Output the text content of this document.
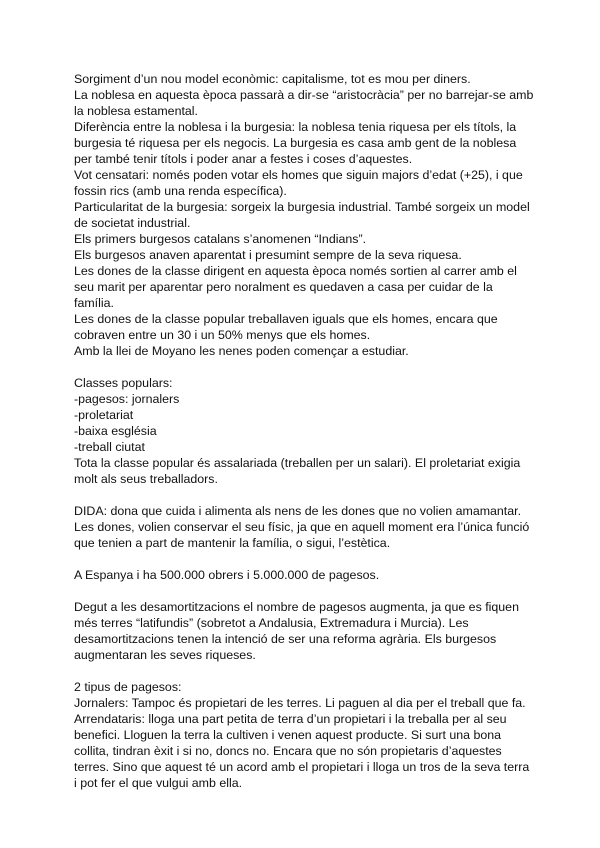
Sorgiment d’un nou model econòmic: capitalisme, tot es mou per diners.

La noblesa en aquesta època passarà a dir-se “aristocràcia” per no barrejar-se amb la noblesa estamental.

Diferència entre la noblesa i la burgesia: la noblesa tenia riquesa per els títols, la burgesia té riquesa per els negocis. La burgesia es casa amb gent de la noblesa per també tenir títols i poder anar a festes i coses d’aquestes.

Vot censatari: només poden votar els homes que siguin majors d’edat (+25), i que fossin rics (amb una renda específica).

Particularitat de la burgesia: sorgeix la burgesia industrial. També sorgeix un model de societat industrial.

Els primers burgesos catalans s’anomenen “Indians”.

Els burgesos anaven aparentat i presumint sempre de la seva riquesa.

Les dones de la classe dirigent en aquesta època només sortien al carrer amb el seu marit per aparentar pero noralment es quedaven a casa per cuidar de la família.

Les dones de la classe popular treballaven iguals que els homes, encara que cobraven entre un 30 i un 50% menys que els homes.

Amb la llei de Moyano les nenes poden començar a estudiar.

Classes populars:

-pagesos: jornalers

-proletariat

-baixa església

-treball ciutat

Tota la classe popular és assalariada (treballen per un salari). El proletariat exigia molt als seus treballadors.

DIDA: dona que cuida i alimenta als nens de les dones que no volien amamantar. Les dones, volien conservar el seu físic, ja que en aquell moment era l’única funció que tenien a part de mantenir la família, o sigui, l’estètica.

A Espanya i ha 500.000 obrers i 5.000.000 de pagesos.

Degut a les desamortitzacions el nombre de pagesos augmenta, ja que es fiquen més terres “latifundis” (sobretot a Andalusia, Extremadura i Murcia). Les desamortitzacions tenen la intenció de ser una reforma agrària. Els burgesos augmentaran les seves riqueses.

2 tipus de pagesos:

Jornalers: Tampoc és propietari de les terres. Li paguen al dia per el treball que fa.

Arrendataris: lloga una part petita de terra d’un propietari i la treballa per al seu benefici. Lloguen la terra la cultiven i venen aquest producte. Si surt una bona collita, tindran èxit i si no, doncs no. Encara que no són propietaris d’aquestes terres. Sino que aquest té un acord amb el propietari i lloga un tros de la seva terra i pot fer el que vulgui amb ella.
